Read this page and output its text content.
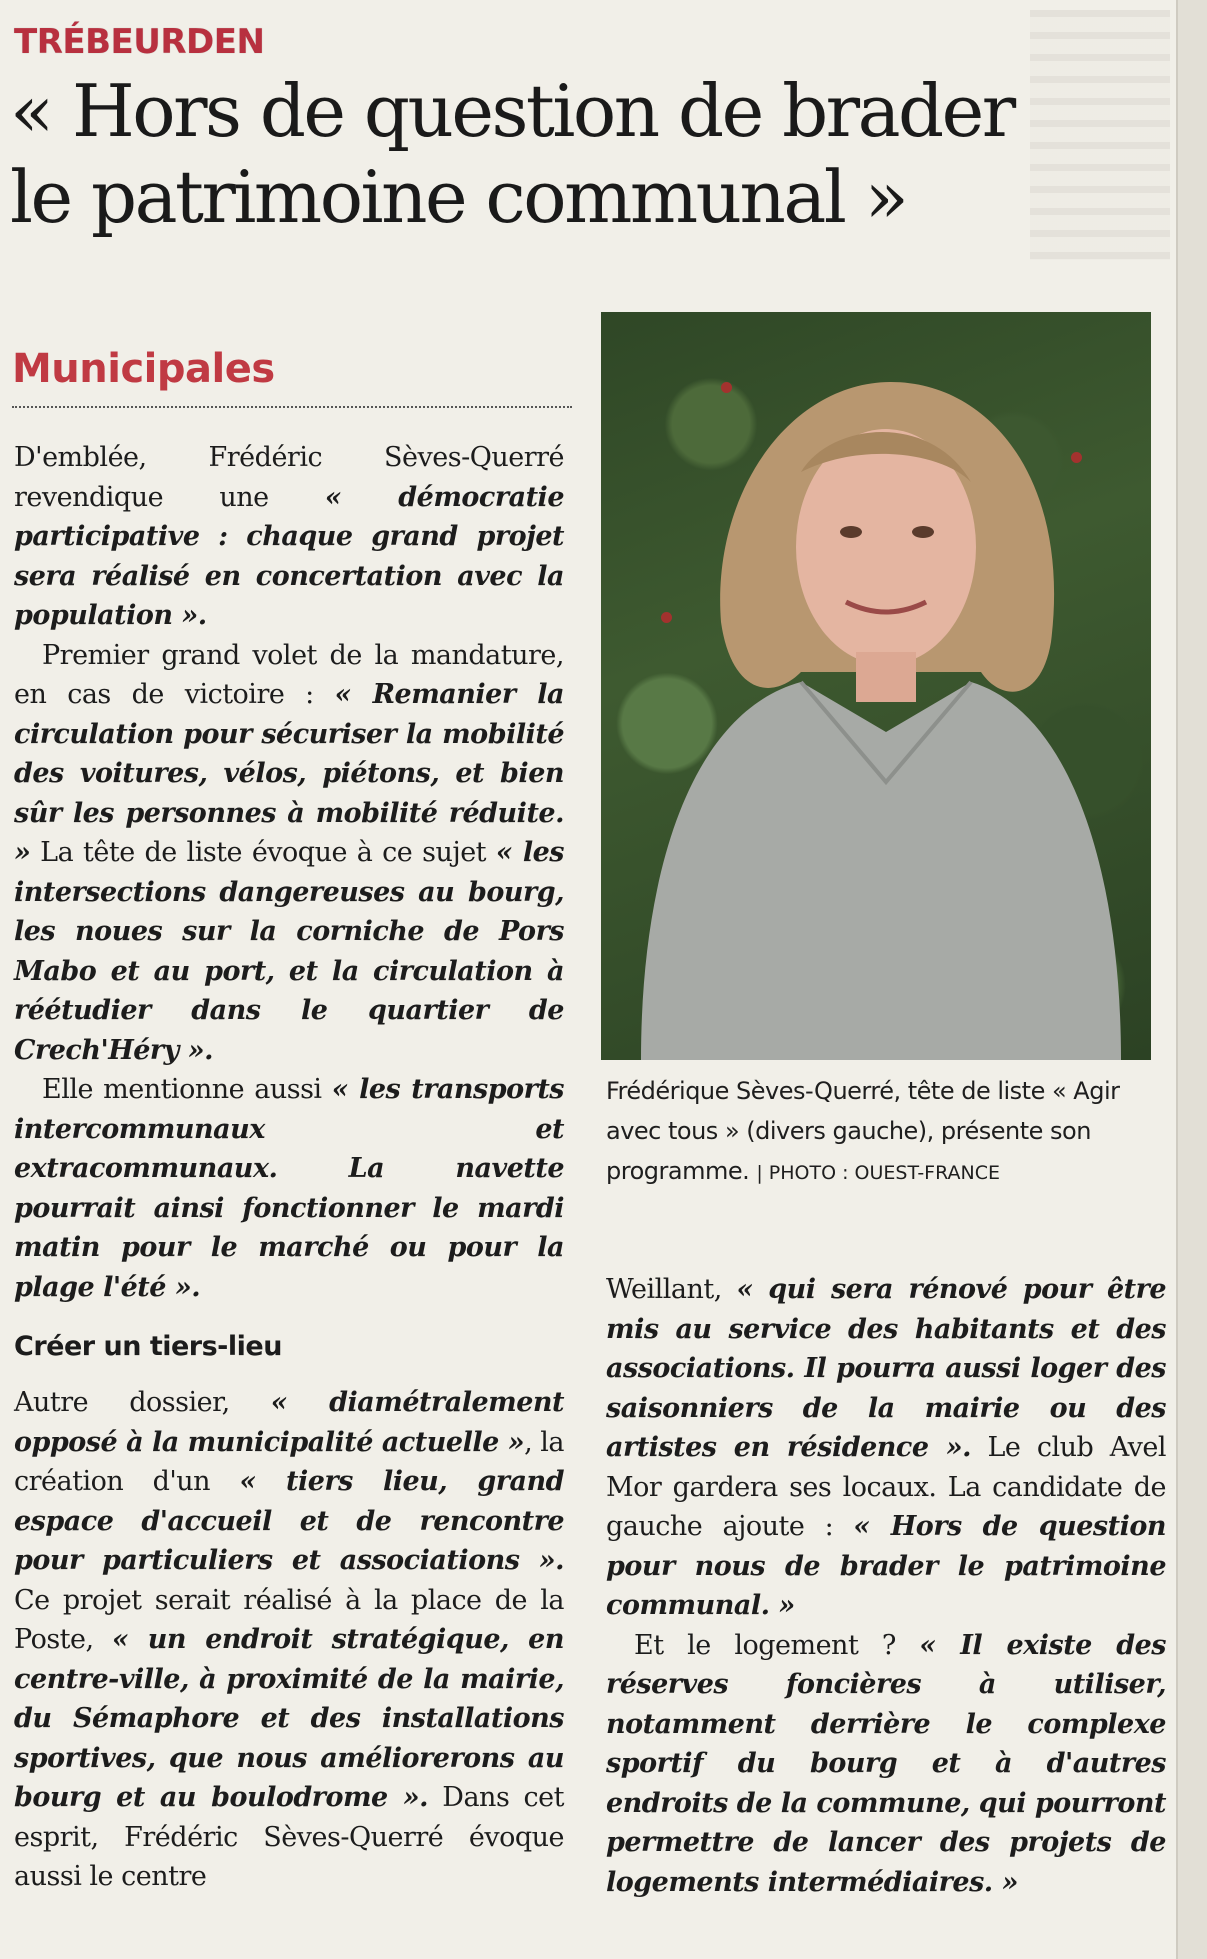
TRÉBEURDEN
« Hors de question de brader
le patrimoine communal »
Municipales

D'emblée, Frédéric Sèves-Querré revendique une « démocratie participative : chaque grand projet sera réalisé en concertation avec la population ».

Premier grand volet de la mandature, en cas de victoire : « Remanier la circulation pour sécuriser la mobilité des voitures, vélos, piétons, et bien sûr les personnes à mobilité réduite. » La tête de liste évoque à ce sujet « les intersections dangereuses au bourg, les noues sur la corniche de Pors Mabo et au port, et la circulation à réétudier dans le quartier de Crech'Héry ».

Elle mentionne aussi « les transports intercommunaux et extracommunaux. La navette pourrait ainsi fonctionner le mardi matin pour le marché ou pour la plage l'été ».

Créer un tiers-lieu

Autre dossier, « diamétralement opposé à la municipalité actuelle », la création d'un « tiers lieu, grand espace d'accueil et de rencontre pour particuliers et associations ». Ce projet serait réalisé à la place de la Poste, « un endroit stratégique, en centre-ville, à proximité de la mairie, du Sémaphore et des installations sportives, que nous améliorerons au bourg et au boulodrome ». Dans cet esprit, Frédéric Sèves-Querré évoque aussi le centre

Frédérique Sèves-Querré, tête de liste « Agir avec tous » (divers gauche), présente son programme. | PHOTO : OUEST-FRANCE

Weillant, « qui sera rénové pour être mis au service des habitants et des associations. Il pourra aussi loger des saisonniers de la mairie ou des artistes en résidence ». Le club Avel Mor gardera ses locaux. La candidate de gauche ajoute : « Hors de question pour nous de brader le patrimoine communal. »

Et le logement ? « Il existe des réserves foncières à utiliser, notamment derrière le complexe sportif du bourg et à d'autres endroits de la commune, qui pourront permettre de lancer des projets de logements intermédiaires. »
